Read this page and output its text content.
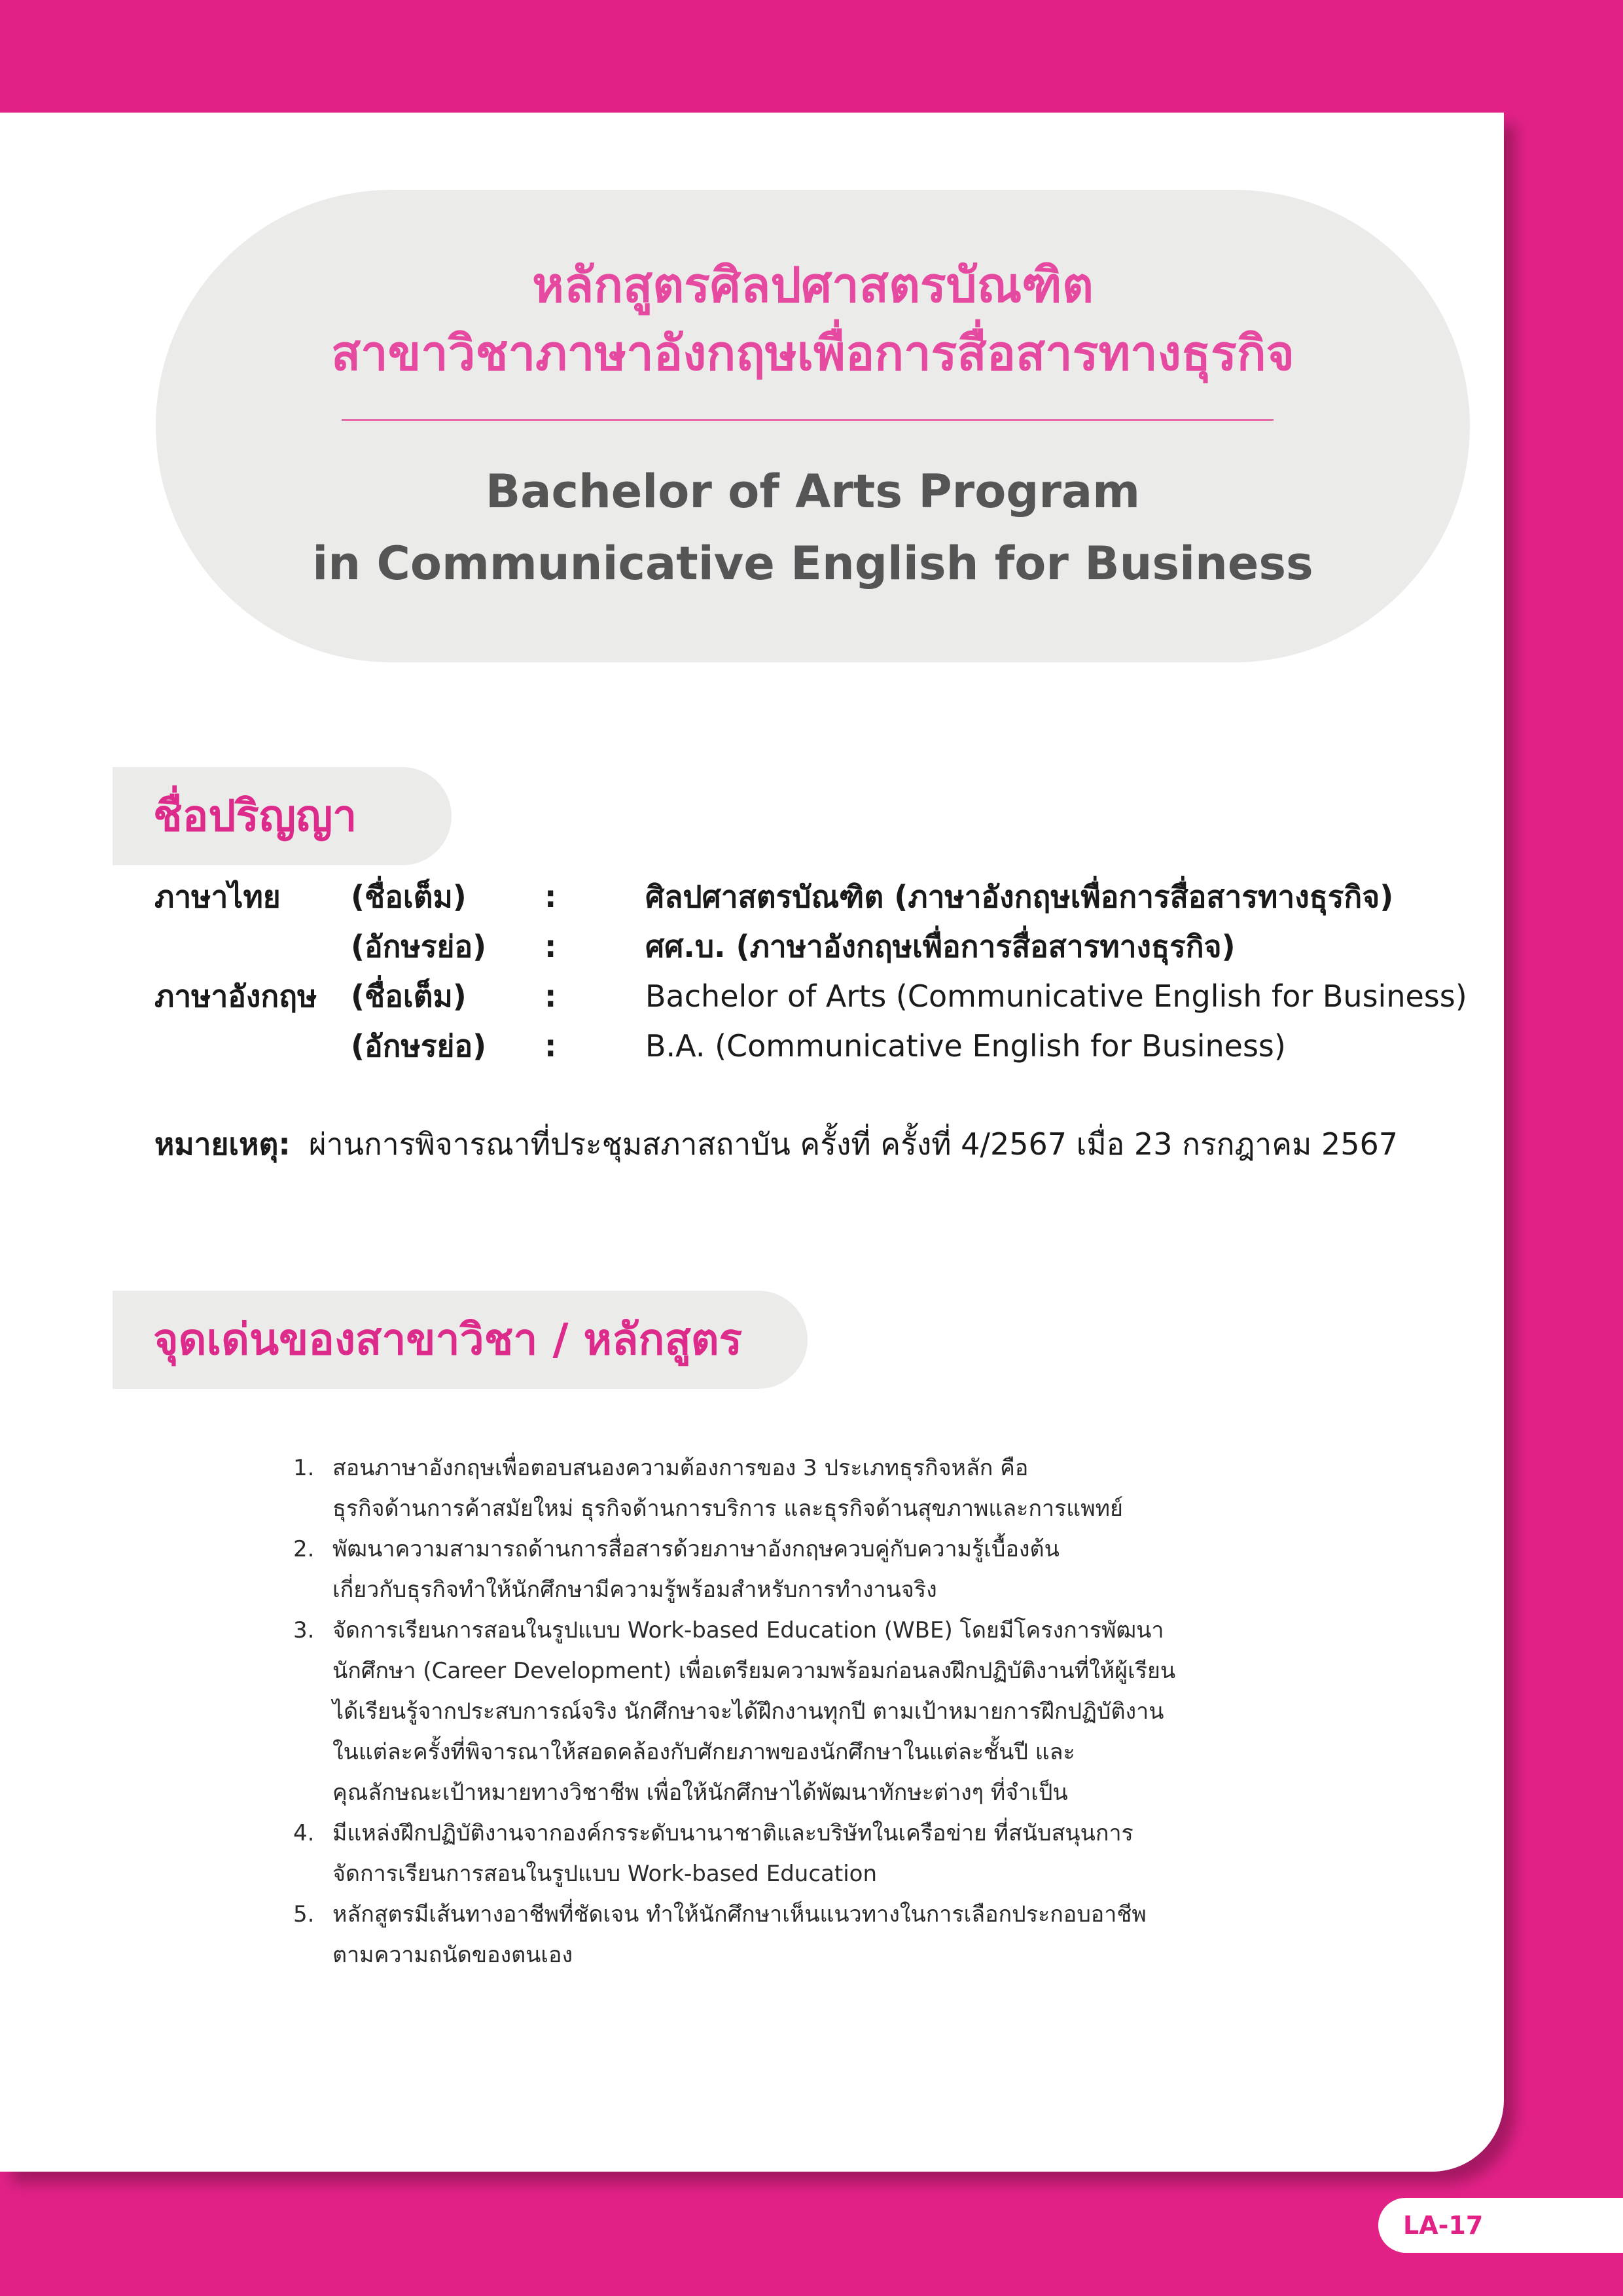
หลักสูตรศิลปศาสตรบัณฑิต
สาขาวิชาภาษาอังกฤษเพื่อการสื่อสารทางธุรกิจ
Bachelor of Arts Program
in Communicative English for Business
ชื่อปริญญา
ภาษาไทย (ชื่อเต็ม)	:	ศิลปศาสตรบัณฑิต (ภาษาอังกฤษเพื่อการสื่อสารทางธุรกิจ)
(อักษรย่อ) :	ศศ.บ. (ภาษาอังกฤษเพื่อการสื่อสารทางธุรกิจ)
ภาษาอังกฤษ (ชื่อเต็ม)	:	Bachelor of Arts (Communicative English for Business)
(อักษรย่อ) :	B.A. (Communicative English for Business)
หมายเหตุ: ผ่านการพิจารณาที่ประชุมสภาสถาบัน ครั้งที่ ครั้งที่ 4/2567 เมื่อ 23 กรกฎาคม 2567
จุดเด่นของสาขาวิชา / หลักสูตร
1. สอนภาษาอังกฤษเพื่อตอบสนองความต้องการของ 3 ประเภทธุรกิจหลัก คือ
ธุรกิจด้านการค้าสมัยใหม่ ธุรกิจด้านการบริการ และธุรกิจด้านสุขภาพและการแพทย์
2. พัฒนาความสามารถด้านการสื่อสารด้วยภาษาอังกฤษควบคู่กับความรู้เบื้องต้น
เกี่ยวกับธุรกิจทำให้นักศึกษามีความรู้พร้อมสำหรับการทำงานจริง
3. จัดการเรียนการสอนในรูปแบบ Work-based Education (WBE) โดยมีโครงการพัฒนา
นักศึกษา (Career Development) เพื่อเตรียมความพร้อมก่อนลงฝึกปฏิบัติงานที่ให้ผู้เรียน
ได้เรียนรู้จากประสบการณ์จริง นักศึกษาจะได้ฝึกงานทุกปี ตามเป้าหมายการฝึกปฏิบัติงาน
ในแต่ละครั้งที่พิจารณาให้สอดคล้องกับศักยภาพของนักศึกษาในแต่ละชั้นปี และ
คุณลักษณะเป้าหมายทางวิชาชีพ เพื่อให้นักศึกษาได้พัฒนาทักษะต่างๆ ที่จำเป็น
4. มีแหล่งฝึกปฏิบัติงานจากองค์กรระดับนานาชาติและบริษัทในเครือข่าย ที่สนับสนุนการ
จัดการเรียนการสอนในรูปแบบ Work-based Education
5. หลักสูตรมีเส้นทางอาชีพที่ชัดเจน ทำให้นักศึกษาเห็นแนวทางในการเลือกประกอบอาชีพ
ตามความถนัดของตนเอง
LA-17
